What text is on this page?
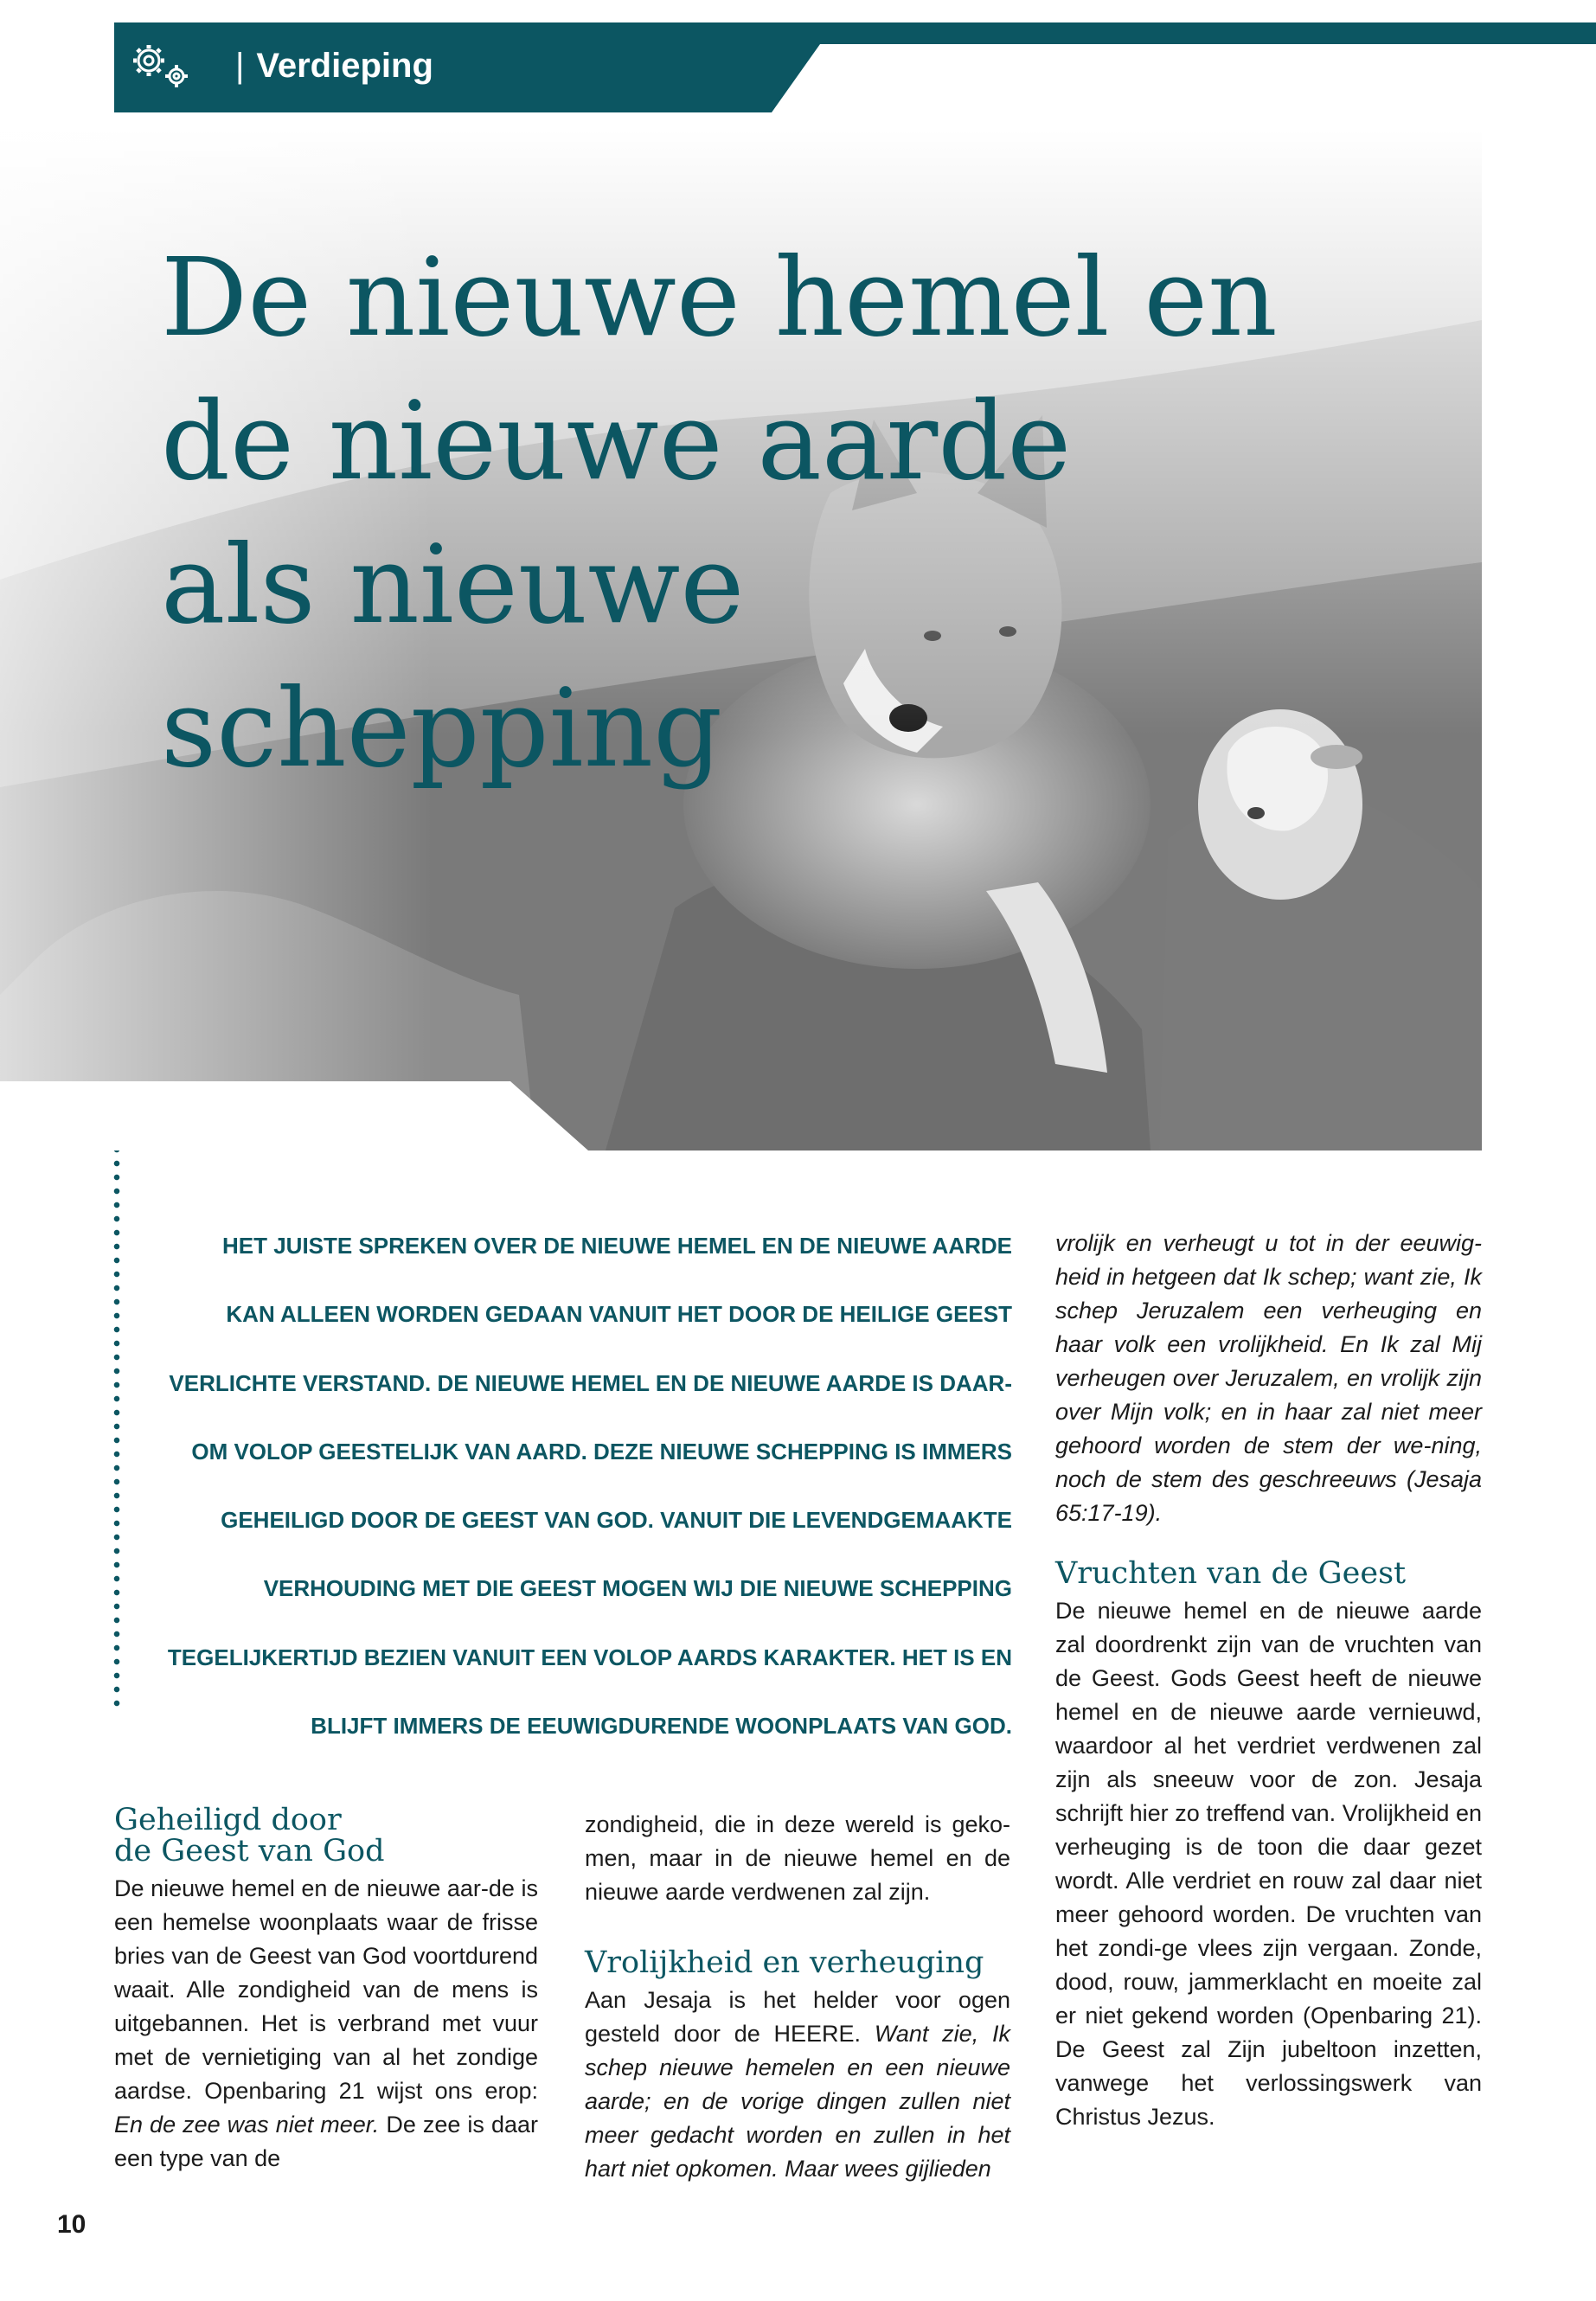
| Verdieping
De nieuwe hemel en
de nieuwe aarde
als nieuwe
schepping
HET JUISTE SPREKEN OVER DE NIEUWE HEMEL EN DE NIEUWE AARDE
KAN ALLEEN WORDEN GEDAAN VANUIT HET DOOR DE HEILIGE GEEST
VERLICHTE VERSTAND. DE NIEUWE HEMEL EN DE NIEUWE AARDE IS DAAR-
OM VOLOP GEESTELIJK VAN AARD. DEZE NIEUWE SCHEPPING IS IMMERS
GEHEILIGD DOOR DE GEEST VAN GOD. VANUIT DIE LEVENDGEMAAKTE
VERHOUDING MET DIE GEEST MOGEN WIJ DIE NIEUWE SCHEPPING
TEGELIJKERTIJD BEZIEN VANUIT EEN VOLOP AARDS KARAKTER. HET IS EN
BLIJFT IMMERS DE EEUWIGDURENDE WOONPLAATS VAN GOD.
Geheiligd door
de Geest van God

De nieuwe hemel en de nieuwe aar-de is een hemelse woonplaats waar de frisse bries van de Geest van God voortdurend waait. Alle zondigheid van de mens is uitgebannen. Het is verbrand met vuur met de vernietiging van al het zondige aardse. Openbaring 21 wijst ons erop: En de zee was niet meer. De zee is daar een type van de

zondigheid, die in deze wereld is geko-men, maar in de nieuwe hemel en de nieuwe aarde verdwenen zal zijn.

Vrolijkheid en verheuging

Aan Jesaja is het helder voor ogen gesteld door de HEERE. Want zie, Ik schep nieuwe hemelen en een nieuwe aarde; en de vorige dingen zullen niet meer gedacht worden en zullen in het hart niet opkomen. Maar wees gijlieden

vrolijk en verheugt u tot in der eeuwig-heid in hetgeen dat Ik schep; want zie, Ik schep Jeruzalem een verheuging en haar volk een vrolijkheid. En Ik zal Mij verheugen over Jeruzalem, en vrolijk zijn over Mijn volk; en in haar zal niet meer gehoord worden de stem der we-ning, noch de stem des geschreeuws (Jesaja 65:17-19).

Vruchten van de Geest

De nieuwe hemel en de nieuwe aarde zal doordrenkt zijn van de vruchten van de Geest. Gods Geest heeft de nieuwe hemel en de nieuwe aarde vernieuwd, waardoor al het verdriet verdwenen zal zijn als sneeuw voor de zon. Jesaja schrijft hier zo treffend van. Vrolijkheid en verheuging is de toon die daar gezet wordt. Alle verdriet en rouw zal daar niet meer gehoord worden. De vruchten van het zondi-ge vlees zijn vergaan. Zonde, dood, rouw, jammerklacht en moeite zal er niet gekend worden (Openbaring 21). De Geest zal Zijn jubeltoon inzetten, vanwege het verlossingswerk van Christus Jezus.

10
